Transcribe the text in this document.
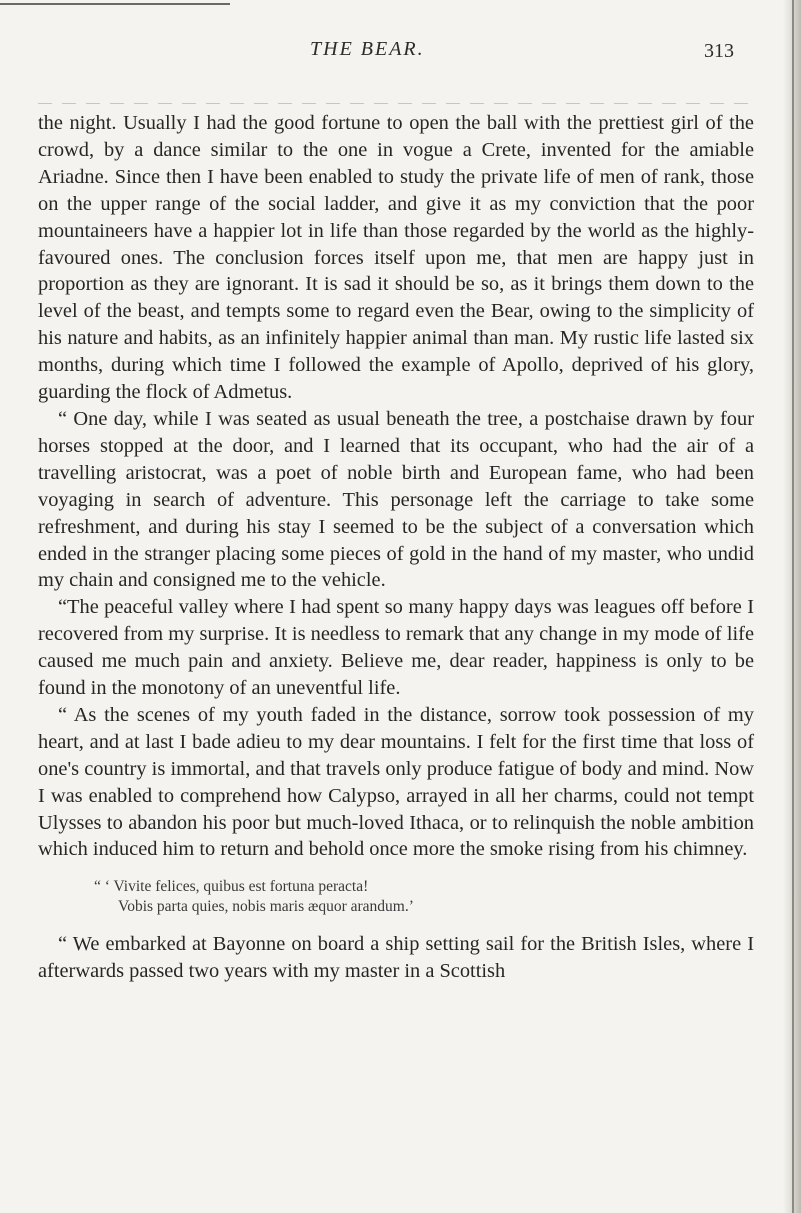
THE BEAR.	313

the night. Usually I had the good fortune to open the ball with the prettiest girl of the crowd, by a dance similar to the one in vogue a Crete, invented for the amiable Ariadne. Since then I have been enabled to study the private life of men of rank, those on the upper range of the social ladder, and give it as my conviction that the poor mountaineers have a happier lot in life than those regarded by the world as the highly-favoured ones. The conclusion forces itself upon me, that men are happy just in proportion as they are ignorant. It is sad it should be so, as it brings them down to the level of the beast, and tempts some to regard even the Bear, owing to the simplicity of his nature and habits, as an infinitely happier animal than man. My rustic life lasted six months, during which time I followed the example of Apollo, deprived of his glory, guarding the flock of Admetus.

“ One day, while I was seated as usual beneath the tree, a postchaise drawn by four horses stopped at the door, and I learned that its occupant, who had the air of a travelling aristocrat, was a poet of noble birth and European fame, who had been voyaging in search of adventure. This personage left the carriage to take some refreshment, and during his stay I seemed to be the subject of a conversation which ended in the stranger placing some pieces of gold in the hand of my master, who undid my chain and consigned me to the vehicle.

“The peaceful valley where I had spent so many happy days was leagues off before I recovered from my surprise. It is needless to remark that any change in my mode of life caused me much pain and anxiety. Believe me, dear reader, happiness is only to be found in the monotony of an uneventful life.

“ As the scenes of my youth faded in the distance, sorrow took possession of my heart, and at last I bade adieu to my dear mountains. I felt for the first time that loss of one's country is immortal, and that travels only produce fatigue of body and mind. Now I was enabled to comprehend how Calypso, arrayed in all her charms, could not tempt Ulysses to abandon his poor but much-loved Ithaca, or to relinquish the noble ambition which induced him to return and behold once more the smoke rising from his chimney.

“ ‘ Vivite felices, quibus est fortuna peracta!
Vobis parta quies, nobis maris æquor arandum.’

“ We embarked at Bayonne on board a ship setting sail for the British Isles, where I afterwards passed two years with my master in a Scottish
